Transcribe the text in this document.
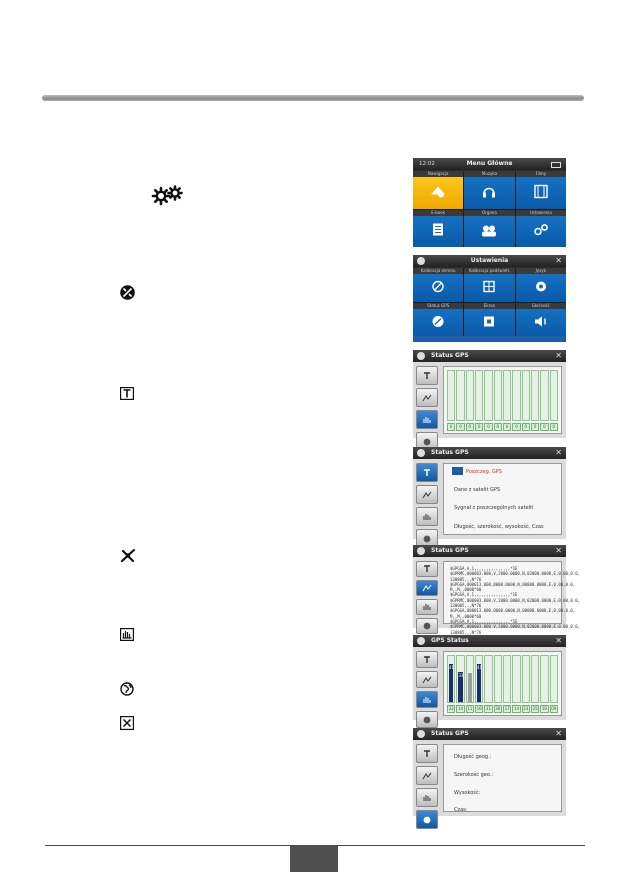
12:02	Menu Główne
Nawigacja	Muzyka	Filmy
E-book	Organa	Ustawienia
Ustawienia	✕
Kalibracja ekranu	Kalibracja podświetl.	Język
Status GPS	Ekran	Głośność
Status GPS	✕
0	0	0	0	0	0	0	0	0	0	0	0
Status GPS	✕
Poszczeg. GPS
Dane z satelit GPS
Sygnał z poszczególnych satelit
Długość, szerokość, wysokość, Czas
Status GPS	✕
$GPGSA,A,1,,,,,,,,,,,,,,,*1E
$GPRMC,000003.000,V,2000.0000,N,02000.0000,E,0.00,0.0,
130805,,,N*76
$GPGGA,000013.000,0000.0000,N,00000.0000,E,0,00,0.0,
M,,M,,0000*60
$GPGSA,A,1,,,,,,,,,,,,,,,*1E
$GPRMC,000003.000,V,2000.0000,N,02000.0000,E,0.00,0.0,
130805,,,N*76
$GPGGA,000013.000,0000.0000,N,00000.0000,E,0,00,0.0,
M,,M,,0000*60
$GPGSA,A,1,,,,,,,,,,,,,,,*1E
$GPRMC,000003.000,V,2000.0000,N,02000.0000,E,0.00,0.0,
130805,,,N*76
GPS Status	✕
41
33
41
22	14	11	16	31	30	17	14	23	25	19	09
Status GPS	✕
Długość geog.:
Szerokość geo.:
Wysokość:
Czas:
